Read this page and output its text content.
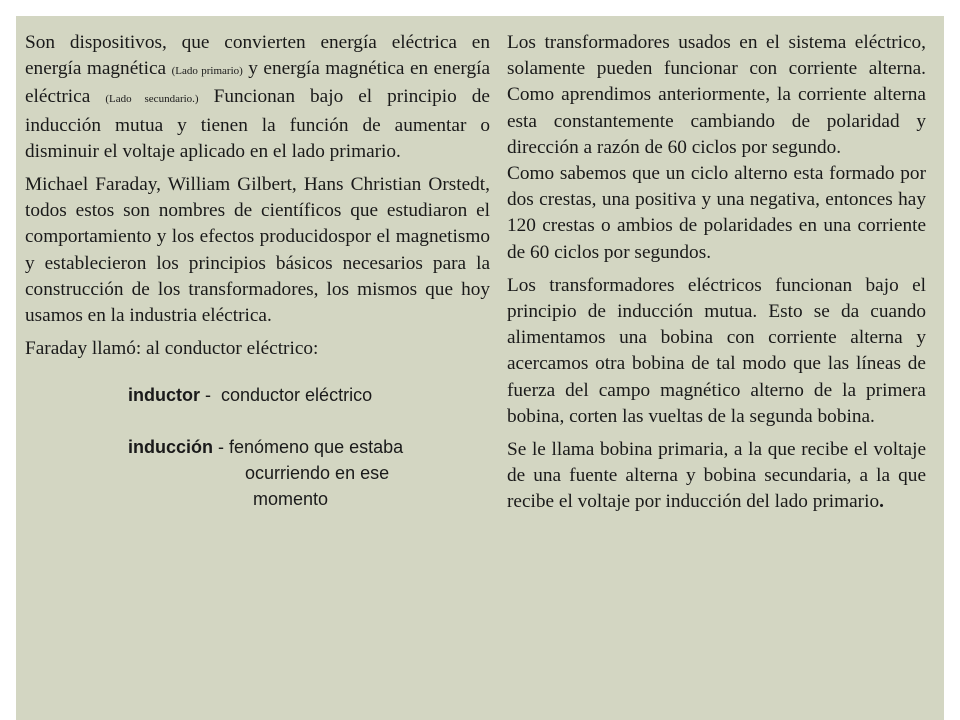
Son dispositivos, que convierten energía eléctrica en energía magnética (Lado primario) y energía magnética en energía eléctrica (Lado secundario.) Funcionan bajo el principio de inducción mutua y tienen la función de aumentar o disminuir el voltaje aplicado en el lado primario.

Michael Faraday, William Gilbert, Hans Christian Orstedt, todos estos son nombres de científicos que estudiaron el comportamiento y los efectos producidospor el magnetismo y establecieron los principios básicos necesarios para la construcción de los transformadores, los mismos que hoy usamos en la industria eléctrica.

Faraday llamó: al conductor eléctrico:

inductor -  conductor eléctrico
inducción - fenómeno que estaba
ocurriendo en ese
momento

Los transformadores usados en el sistema eléctrico, solamente pueden funcionar con corriente alterna. Como aprendimos anteriormente, la corriente alterna esta constantemente cambiando de polaridad y dirección a razón de 60 ciclos por segundo.

Como sabemos que un ciclo alterno esta formado por dos crestas, una positiva y una negativa, entonces hay 120 crestas o ambios de polaridades en una corriente de 60 ciclos por segundos.

Los transformadores eléctricos funcionan bajo el principio de inducción mutua. Esto se da cuando alimentamos una bobina con corriente alterna y acercamos otra bobina de tal modo que las líneas de fuerza del campo magnético alterno de la primera bobina, corten las vueltas de la segunda bobina.

Se le llama bobina primaria, a la que recibe el voltaje de una fuente alterna y bobina secundaria, a la que recibe el voltaje por inducción del lado primario.
